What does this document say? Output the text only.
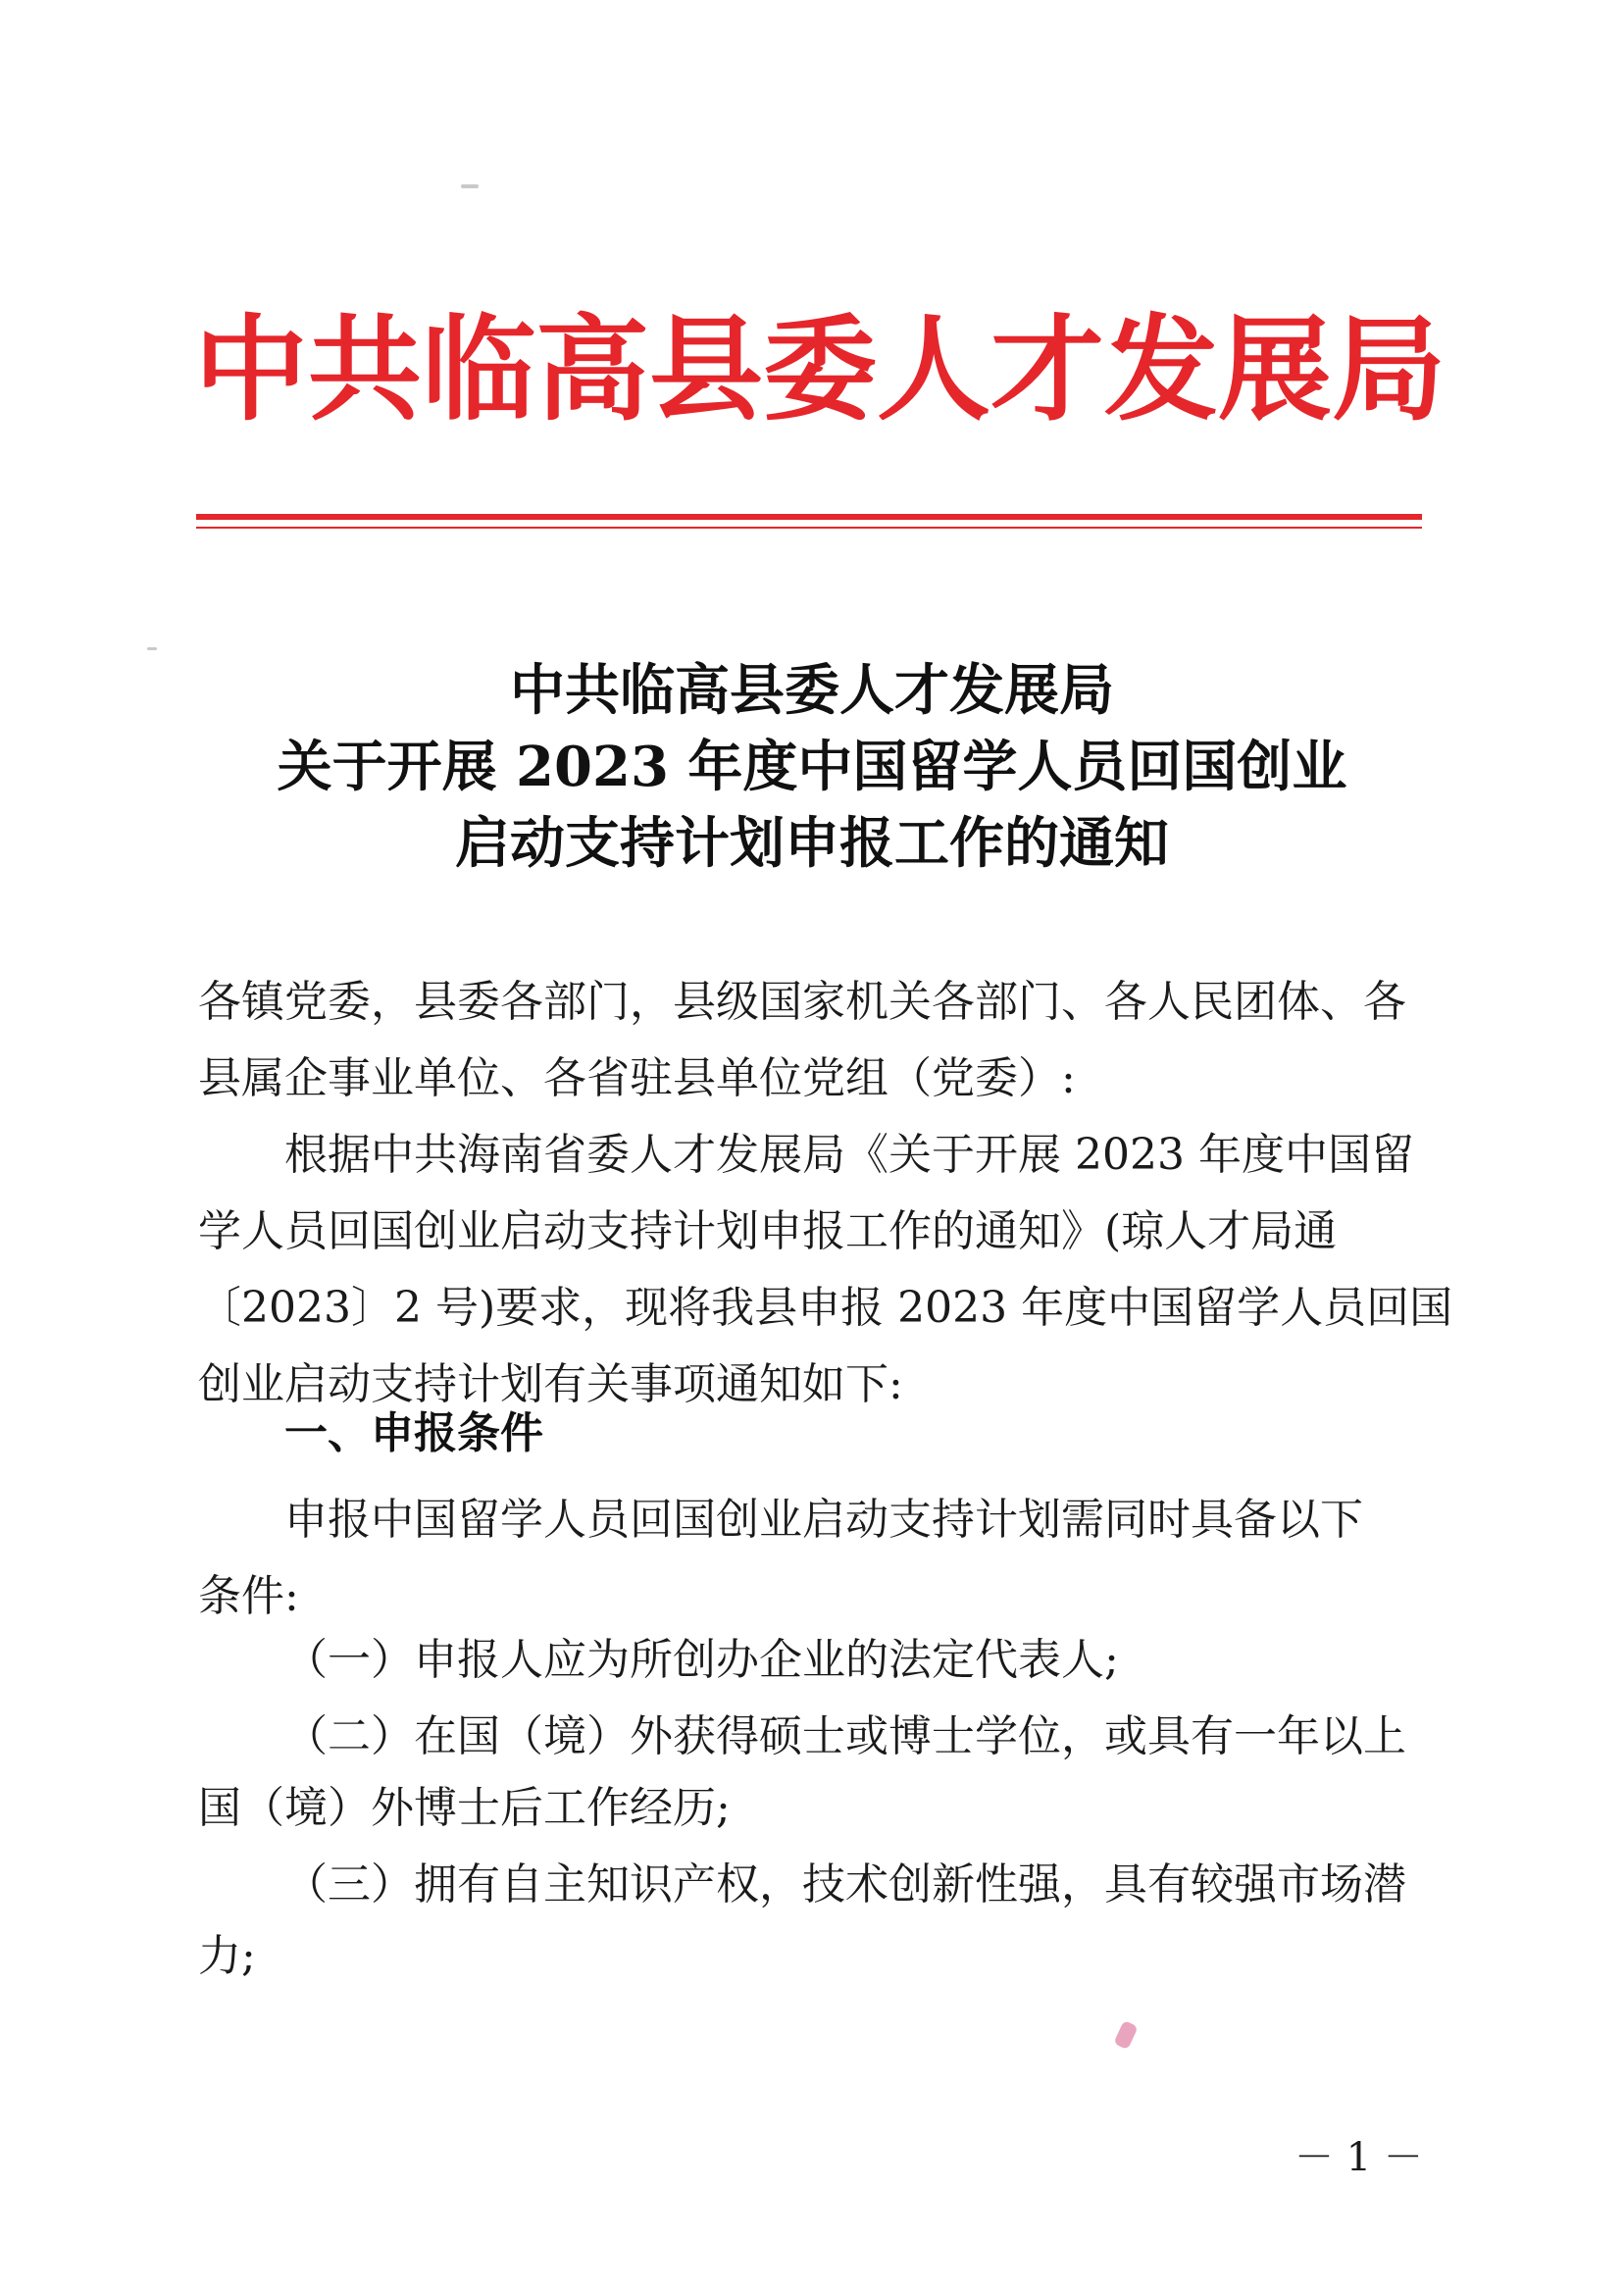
中共临高县委人才发展局
中共临高县委人才发展局
关于开展 2023 年度中国留学人员回国创业
启动支持计划申报工作的通知
各镇党委，县委各部门，县级国家机关各部门、各人民团体、各
县属企事业单位、各省驻县单位党组（党委）:
根据中共海南省委人才发展局《关于开展 2023 年度中国留
学人员回国创业启动支持计划申报工作的通知》(琼人才局通
〔2023〕2 号)要求，现将我县申报 2023 年度中国留学人员回国
创业启动支持计划有关事项通知如下:
一、申报条件
申报中国留学人员回国创业启动支持计划需同时具备以下
条件:
（一）申报人应为所创办企业的法定代表人;
（二）在国（境）外获得硕士或博士学位，或具有一年以上
国（境）外博士后工作经历;
（三）拥有自主知识产权，技术创新性强，具有较强市场潜
力;
－ 1 －
